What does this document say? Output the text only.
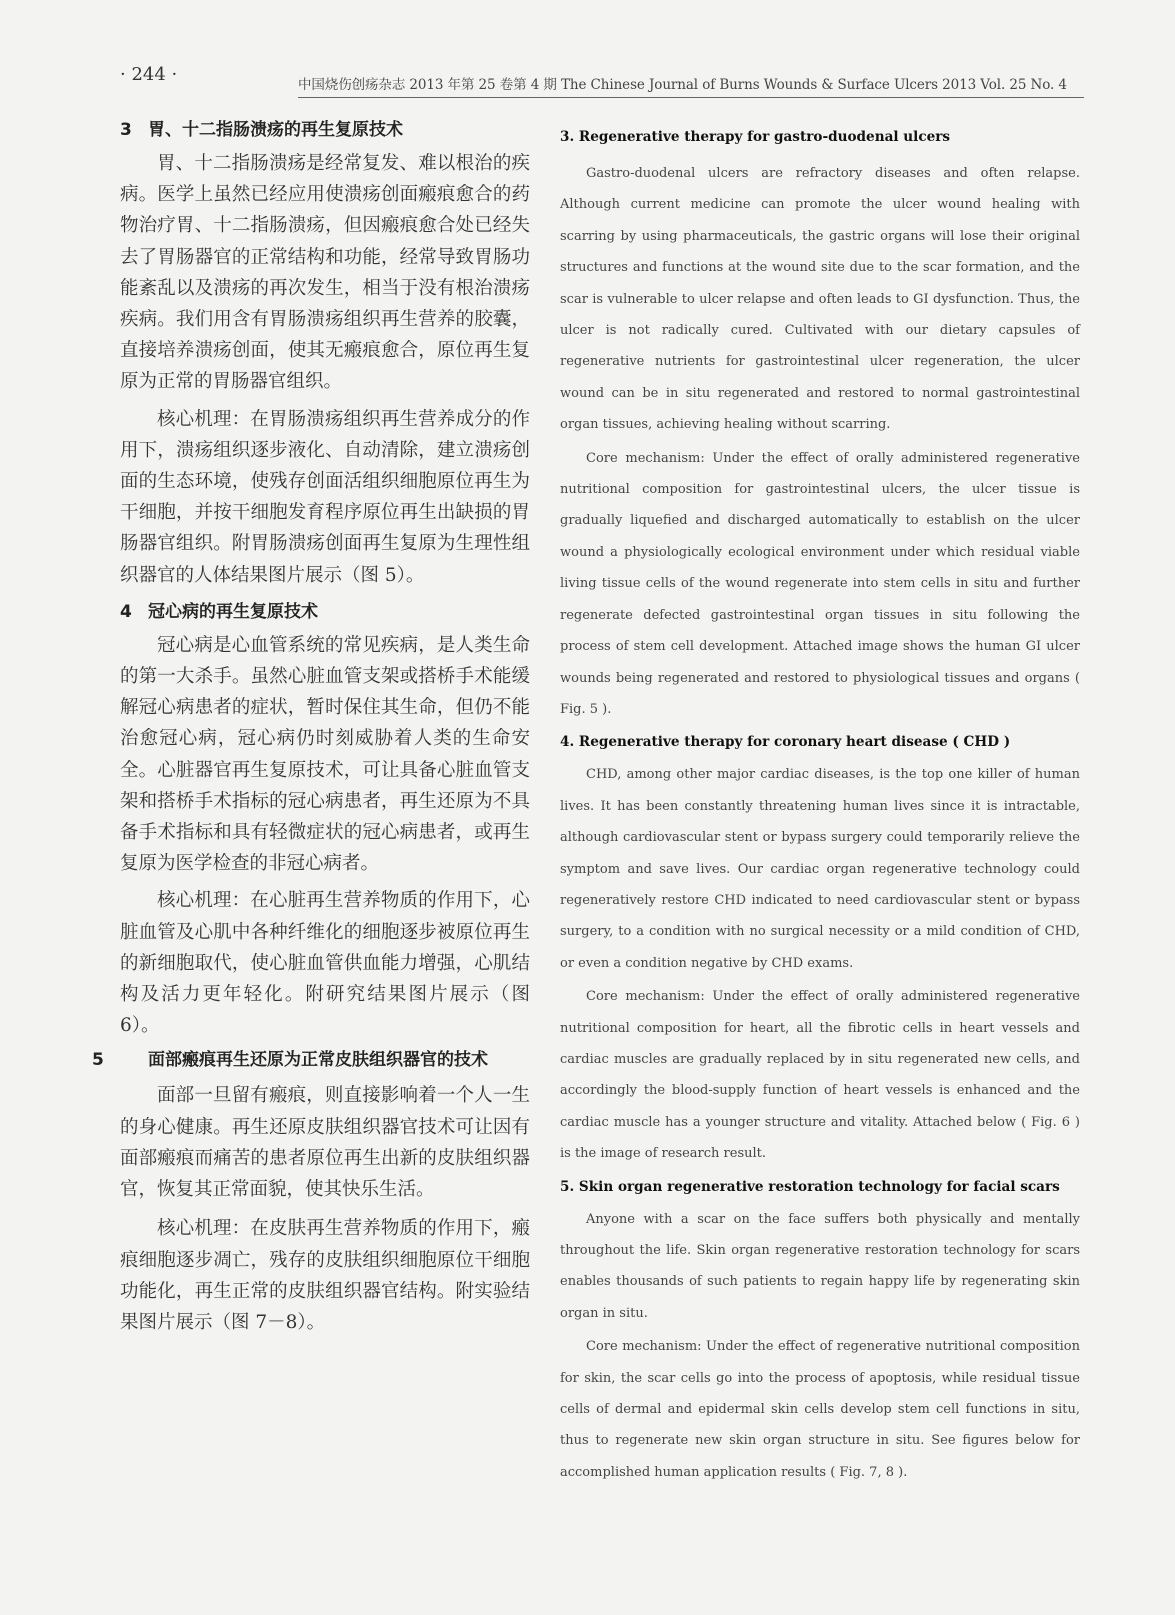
· 244 ·	中国烧伤创疡杂志 2013 年第 25 卷第 4 期 The Chinese Journal of Burns Wounds & Surface Ulcers 2013 Vol. 25 No. 4
3 胃、十二指肠溃疡的再生复原技术

胃、十二指肠溃疡是经常复发、难以根治的疾病。医学上虽然已经应用使溃疡创面瘢痕愈合的药物治疗胃、十二指肠溃疡，但因瘢痕愈合处已经失去了胃肠器官的正常结构和功能，经常导致胃肠功能紊乱以及溃疡的再次发生，相当于没有根治溃疡疾病。我们用含有胃肠溃疡组织再生营养的胶囊，直接培养溃疡创面，使其无瘢痕愈合，原位再生复原为正常的胃肠器官组织。

核心机理：在胃肠溃疡组织再生营养成分的作用下，溃疡组织逐步液化、自动清除，建立溃疡创面的生态环境，使残存创面活组织细胞原位再生为干细胞，并按干细胞发育程序原位再生出缺损的胃肠器官组织。附胃肠溃疡创面再生复原为生理性组织器官的人体结果图片展示（图 5）。

4 冠心病的再生复原技术

冠心病是心血管系统的常见疾病，是人类生命的第一大杀手。虽然心脏血管支架或搭桥手术能缓解冠心病患者的症状，暂时保住其生命，但仍不能治愈冠心病，冠心病仍时刻威胁着人类的生命安全。心脏器官再生复原技术，可让具备心脏血管支架和搭桥手术指标的冠心病患者，再生还原为不具备手术指标和具有轻微症状的冠心病患者，或再生复原为医学检查的非冠心病者。

核心机理：在心脏再生营养物质的作用下，心脏血管及心肌中各种纤维化的细胞逐步被原位再生的新细胞取代，使心脏血管供血能力增强，心肌结构及活力更年轻化。附研究结果图片展示（图 6）。

5	面部瘢痕再生还原为正常皮肤组织器官的技术

面部一旦留有瘢痕，则直接影响着一个人一生的身心健康。再生还原皮肤组织器官技术可让因有面部瘢痕而痛苦的患者原位再生出新的皮肤组织器官，恢复其正常面貌，使其快乐生活。

核心机理：在皮肤再生营养物质的作用下，瘢痕细胞逐步凋亡，残存的皮肤组织细胞原位干细胞功能化，再生正常的皮肤组织器官结构。附实验结果图片展示（图 7－8）。

3. Regenerative therapy for gastro-duodenal ulcers

Gastro-duodenal ulcers are refractory diseases and often relapse. Although current medicine can promote the ulcer wound healing with scarring by using pharmaceuticals, the gastric organs will lose their original structures and functions at the wound site due to the scar formation, and the scar is vulnerable to ulcer relapse and often leads to GI dysfunction. Thus, the ulcer is not radically cured. Cultivated with our dietary capsules of regenerative nutrients for gastrointestinal ulcer regeneration, the ulcer wound can be in situ regenerated and restored to normal gastrointestinal organ tissues, achieving healing without scarring.

Core mechanism: Under the effect of orally administered regenerative nutritional composition for gastrointestinal ulcers, the ulcer tissue is gradually liquefied and discharged automatically to establish on the ulcer wound a physiologically ecological environment under which residual viable living tissue cells of the wound regenerate into stem cells in situ and further regenerate defected gastrointestinal organ tissues in situ following the process of stem cell development. Attached image shows the human GI ulcer wounds being regenerated and restored to physiological tissues and organs ( Fig. 5 ).

4. Regenerative therapy for coronary heart disease ( CHD )

CHD, among other major cardiac diseases, is the top one killer of human lives. It has been constantly threatening human lives since it is intractable, although cardiovascular stent or bypass surgery could temporarily relieve the symptom and save lives. Our cardiac organ regenerative technology could regeneratively restore CHD indicated to need cardiovascular stent or bypass surgery, to a condition with no surgical necessity or a mild condition of CHD, or even a condition negative by CHD exams.

Core mechanism: Under the effect of orally administered regenerative nutritional composition for heart, all the fibrotic cells in heart vessels and cardiac muscles are gradually replaced by in situ regenerated new cells, and accordingly the blood-supply function of heart vessels is enhanced and the cardiac muscle has a younger structure and vitality. Attached below ( Fig. 6 ) is the image of research result.

5. Skin organ regenerative restoration technology for facial scars

Anyone with a scar on the face suffers both physically and mentally throughout the life. Skin organ regenerative restoration technology for scars enables thousands of such patients to regain happy life by regenerating skin organ in situ.

Core mechanism: Under the effect of regenerative nutritional composition for skin, the scar cells go into the process of apoptosis, while residual tissue cells of dermal and epidermal skin cells develop stem cell functions in situ, thus to regenerate new skin organ structure in situ. See figures below for accomplished human application results ( Fig. 7, 8 ).
